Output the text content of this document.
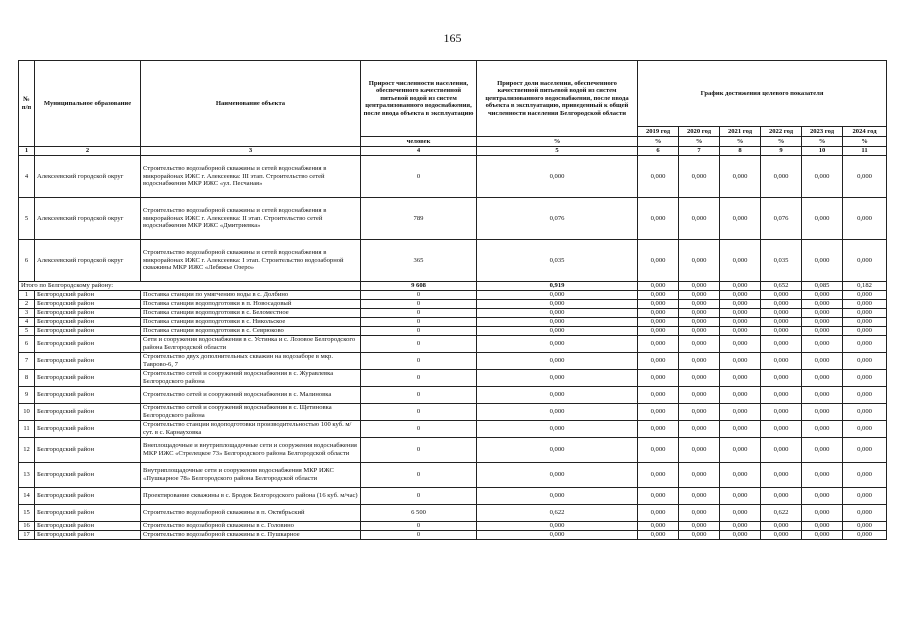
165
№ п/п	Муниципальное образование	Наименование объекта	Прирост численности населения, обеспеченного качественной питьевой водой из систем централизованного водоснабжения, после ввода объекта в эксплуатацию	Прирост доли населения, обеспеченного качественной питьевой водой из систем централизованного водоснабжения, после ввода объекта в эксплуатацию, приведенный к общей численности населения Белгородской области	График достижения целевого показателя					
					2019 год	2020 год	2021 год	2022 год	2023 год	2024 год
			человек	%	%	%	%	%	%	%
1	2	3	4	5	6	7	8	9	10	11
4	Алексеевский городской округ	Строительство водозаборной скважины и сетей водоснабжения в микрорайонах ИЖС г. Алексеевка: III этап. Строительство сетей водоснабжения МКР ИЖС «ул. Песчаная»	0	0,000	0,000	0,000	0,000	0,000	0,000	0,000
5	Алексеевский городской округ	Строительство водозаборной скважины и сетей водоснабжения в микрорайонах ИЖС г. Алексеевка: II этап. Строительство сетей водоснабжения МКР ИЖС «Дмитриевка»	789	0,076	0,000	0,000	0,000	0,076	0,000	0,000
6	Алексеевский городской округ	Строительство водозаборной скважины и сетей водоснабжения в микрорайонах ИЖС г. Алексеевка: I этап. Строительство водозаборной скважины МКР ИЖС «Лебяжье Озеро»	365	0,035	0,000	0,000	0,000	0,035	0,000	0,000
Итого по Белгородскому району:			9 608	0,919	0,000	0,000	0,000	0,652	0,085	0,182
1	Белгородский район	Поставка станции по умягчению воды в с. Долбино	0	0,000	0,000	0,000	0,000	0,000	0,000	0,000
2	Белгородский район	Поставка станции водоподготовки в п. Новосадовый	0	0,000	0,000	0,000	0,000	0,000	0,000	0,000
3	Белгородский район	Поставка станции водоподготовки в с. Беломестное	0	0,000	0,000	0,000	0,000	0,000	0,000	0,000
4	Белгородский район	Поставка станции водоподготовки в с. Никольское	0	0,000	0,000	0,000	0,000	0,000	0,000	0,000
5	Белгородский район	Поставка станции водоподготовки в с. Севрюково	0	0,000	0,000	0,000	0,000	0,000	0,000	0,000
6	Белгородский район	Сети и сооружения водоснабжения в с. Устинка и с. Лозовое Белгородского района Белгородской области	0	0,000	0,000	0,000	0,000	0,000	0,000	0,000
7	Белгородский район	Строительство двух дополнительных скважин на водозаборе в мкр. Таврово-6, 7	0	0,000	0,000	0,000	0,000	0,000	0,000	0,000
8	Белгородский район	Строительство сетей и сооружений водоснабжения в с. Журавлевка Белгородского района	0	0,000	0,000	0,000	0,000	0,000	0,000	0,000
9	Белгородский район	Строительство сетей и сооружений водоснабжения в с. Малиновка	0	0,000	0,000	0,000	0,000	0,000	0,000	0,000
10	Белгородский район	Строительство сетей и сооружений водоснабжения в с. Щетиновка Белгородского района	0	0,000	0,000	0,000	0,000	0,000	0,000	0,000
11	Белгородский район	Строительство станции водоподготовки производительностью 100 куб. м/сут. в с. Карнауховка	0	0,000	0,000	0,000	0,000	0,000	0,000	0,000
12	Белгородский район	Внеплощадочные и внутриплощадочные сети и сооружения водоснабжения МКР ИЖС «Стрелецкое 73» Белгородского района Белгородской области	0	0,000	0,000	0,000	0,000	0,000	0,000	0,000
13	Белгородский район	Внутриплощадочные сети и сооружения водоснабжения МКР ИЖС «Пушкарное 78» Белгородского района Белгородской области	0	0,000	0,000	0,000	0,000	0,000	0,000	0,000
14	Белгородский район	Проектирование скважины в с. Бродок Белгородского района (16 куб. м/час)	0	0,000	0,000	0,000	0,000	0,000	0,000	0,000
15	Белгородский район	Строительство водозаборной скважины в п. Октябрьский	6 500	0,622	0,000	0,000	0,000	0,622	0,000	0,000
16	Белгородский район	Строительство водозаборной скважины в с. Головино	0	0,000	0,000	0,000	0,000	0,000	0,000	0,000
17	Белгородский район	Строительство водозаборной скважины в с. Пушкарное	0	0,000	0,000	0,000	0,000	0,000	0,000	0,000
